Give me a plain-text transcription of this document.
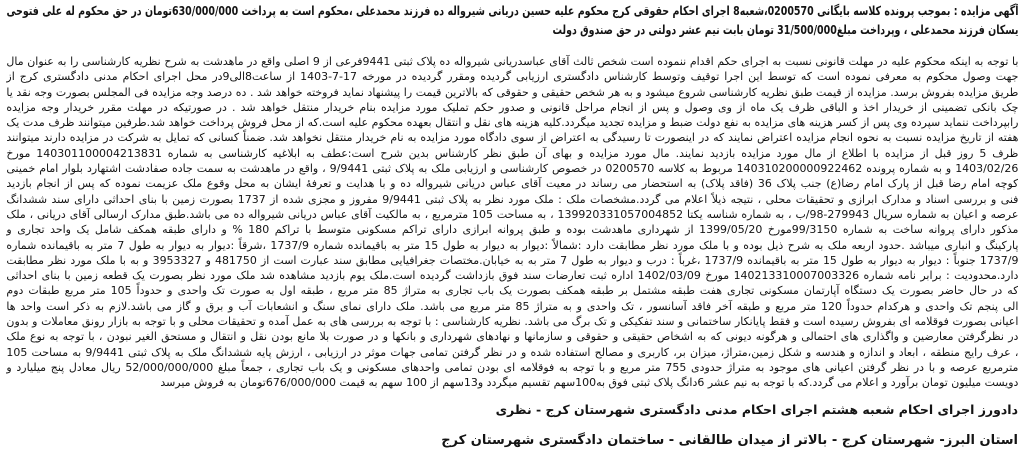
آگهی مزایده : بموجب پرونده کلاسه بایگانی 0200570،شعبه8 اجرای احکام حقوقی کرج محکوم علیه حسین دریانی شیرواله ده فرزند محمدعلی ،محکوم است به پرداخت 630/000/000تومان در حق محکوم له علی فتوحی
یسکان فرزند محمدعلی ، وپرداخت مبلغ31/500/000 تومان بابت نیم عشر دولتی در حق صندوق دولت
با توجه به اینکه محکوم علیه در مهلت قانونی نسبت به اجرای حکم اقدام ننموده است شخص ثالث آقای عباسدریانی شیرواله ده پلاک ثبتی 9441فرعی از 9 اصلی واقع در ماهدشت به شرح نظریه کارشناسی را به عنوان مال
جهت وصول محکوم به معرفی نموده است که توسط این اجرا توقیف وتوسط کارشناس دادگستری ارزیابی گردیده ومقرر گردیده در مورخه 17-7-1403 از ساعت8الی9در محل اجرای احکام مدنی دادگستری کرج از
طریق مزایده بفروش برسد. مزایده از قیمت طبق نظریه کارشناسی شروع میشود و به هر شخص حقیقی و حقوقی که بالاترین قیمت را پیشنهاد نماید فروخته خواهد شد . ده درصد وجه مزایده فی المجلس بصورت وجه نقد یا
چک بانکی تضمینی از خریدار اخذ و الباقی ظرف یک ماه از وی وصول و پس از انجام مراحل قانونی و صدور حکم تملیک مورد مزایده بنام خریدار منتقل خواهد شد . در صورتیکه در مهلت مقرر خریدار وجه مزایده
رابپرداخت ننماید سپرده وی پس از کسر هزینه های مزایده به نفع دولت ضبط و مزایده تجدید میگردد.کلیه هزینه های نقل و انتقال بعهده محکوم علیه است.که از محل فروش پرداخت خواهد شد.طرفین میتوانند ظرف مدت یک
هفته از تاریخ مزایده نسبت به نحوه انجام مزایده اعتراض نمایند که در اینصورت تا رسیدگی به اعتراض از سوی دادگاه مورد مزایده به نام خریدار منتقل نخواهد شد. ضمناً کسانی که تمایل به شرکت در مزایده دارند میتوانند
ظرف 5 روز قبل از مزایده با اطلاع از مال مورد مزایده بازدید نمایند. مال مورد مزایده و بهای آن طبق نظر کارشناس بدین شرح است:عطف به ابلاغیه کارشناسی به شماره 140301100004213831 مورخ
1403/02/26 و به شماره پرونده 140310200000922462 مربوط به کلاسه 0200570 در خصوص کارشناسی و ارزیابی ملک به پلاک ثبتی 9/9441 ، واقع در ماهدشت به سمت جاده صفادشت اشتهارد بلوار امام خمینی
کوچه امام رضا قبل از پارک امام رضا(ع) جنب پلاک 36 (فاقد پلاک) به استحضار می رساند در معیت آقای عباس دریانی شیرواله ده و با هدایت و تعرفۀ ایشان به محل وقوع ملک عزیمت نموده که پس از انجام بازدید
فنی و بررسی اسناد و مدارک ابرازی و تحقیقات محلی ، نتیجه ذیلاً اعلام می گردد.مشخصات ملک : ملک مورد نظر به پلاک ثبتی 9/9441 مفروز و مجزی شده از 1737 بصورت زمین با بنای احداثی دارای سند ششدانگ
عرصه و اعیان به شماره سریال 279943-98/ب ، به شماره شناسه یکتا 139920331057004852 ، به مساحت 105 مترمربع ، به مالکیت آقای عباس دریانی شیرواله ده می باشد.طبق مدارک ارسالی آقای دریانی ، ملک
مذکور دارای پروانه ساخت به شماره 99/3150مورخ 1399/05/20 از شهرداری ماهدشت بوده و طبق پروانه ابرازی دارای تراکم مسکونی متوسط با تراکم 180 % و دارای طبقه همکف شامل یک واحد تجاری و
پارکینگ و انباری میباشد .حدود اربعه ملک به شرح ذیل بوده و با ملک مورد نظر مطابقت دارد :شمالاً :دیوار به دیوار به طول 15 متر به باقیمانده شماره 1737/9 ،شرقاً :دیوار به دیوار به طول 7 متر به باقیمانده شماره
1737/9 جنوباً : دیوار به دیوار به طول 15 متر به باقیمانده 1737/9 ،غرباً : درب و دیوار به طول 7 متر به به خیابان.مختصات جغرافیایی مطابق سند عبارت است از 481750 و 3953327 و به با ملک مورد نظر مطابقت
دارد.محدودیت : برابر نامه شماره 140213310007003326 مورخ 1402/03/09 اداره ثبت تعارضات سند فوق بازداشت گردیده است.ملک یوم بازدید مشاهده شد ملک مورد نظر بصورت یک قطعه زمین با بنای احداثی
که در حال حاضر بصورت یک دستگاه آپارتمان مسکونی تجاری هفت طبقه مشتمل بر طبقه همکف بصورت یک باب تجاری به متراژ 85 متر مربع ، طبقه اول به صورت تک واحدی و حدوداً 105 متر مربع طبقات دوم
الی پنجم تک واحدی و هرکدام حدوداً 120 متر مربع و طبقه آخر فاقد آسانسور ، تک واحدی و به متراژ 85 متر مربع می باشد. ملک دارای نمای سنگ و انشعابات آب و برق و گاز می باشد.لازم به ذکر است واحد ها
اعیانی بصورت فوقلامه ای بفروش رسیده است و فقط پایانکار ساختمانی و سند تفکیکی و تک برگ می باشد. نظریه کارشناسی : با توجه به بررسی های به عمل آمده و تحقیقات محلی و با توجه به بازار رونق معاملات و بدون
در نظرگرفتن معارضین و واگذاری های احتمالی و هرگونه دیونی که به اشخاص حقیقی و حقوقی و سازمانها و نهادهای شهرداری و بانکها و در صورت بلا مانع بودن نقل و انتقال و مستحق الغیر نبودن ، با توجه به نوع ملک
، عرف رایج منطقه ، ابعاد و اندازه و هندسه و شکل زمین،متراژ، میزان بر، کاربری و مصالح استفاده شده و در نظر گرفتن تمامی جهات موثر در ارزیابی ، ارزش پایه ششدانگ ملک به پلاک ثبتی 9/9441 به مساحت 105
مترمربع عرصه و با در نظر گرفتن اعیانی های موجود به متراژ حدودی 755 متر مربع و با توجه به فوقلامه ای بودن تمامی واحدهای مسکونی و یک باب تجاری ، جمعاً مبلغ 52/000/000/000 ریال معادل پنج میلیارد و
دویست میلیون تومان برآورد و اعلام می گردد.که با توجه به نیم عشر 6دانگ پلاک ثبتی فوق به100سهم تقسیم میگردد و13سهم از 100 سهم به قیمت 676/000/000تومان به فروش میرسد
دادورز اجرای احکام شعبه هشتم اجرای احکام مدنی دادگستری شهرستان کرج - نظری
استان البرز- شهرستان کرج - بالاتر از میدان طالقانی - ساختمان دادگستری شهرستان کرج
